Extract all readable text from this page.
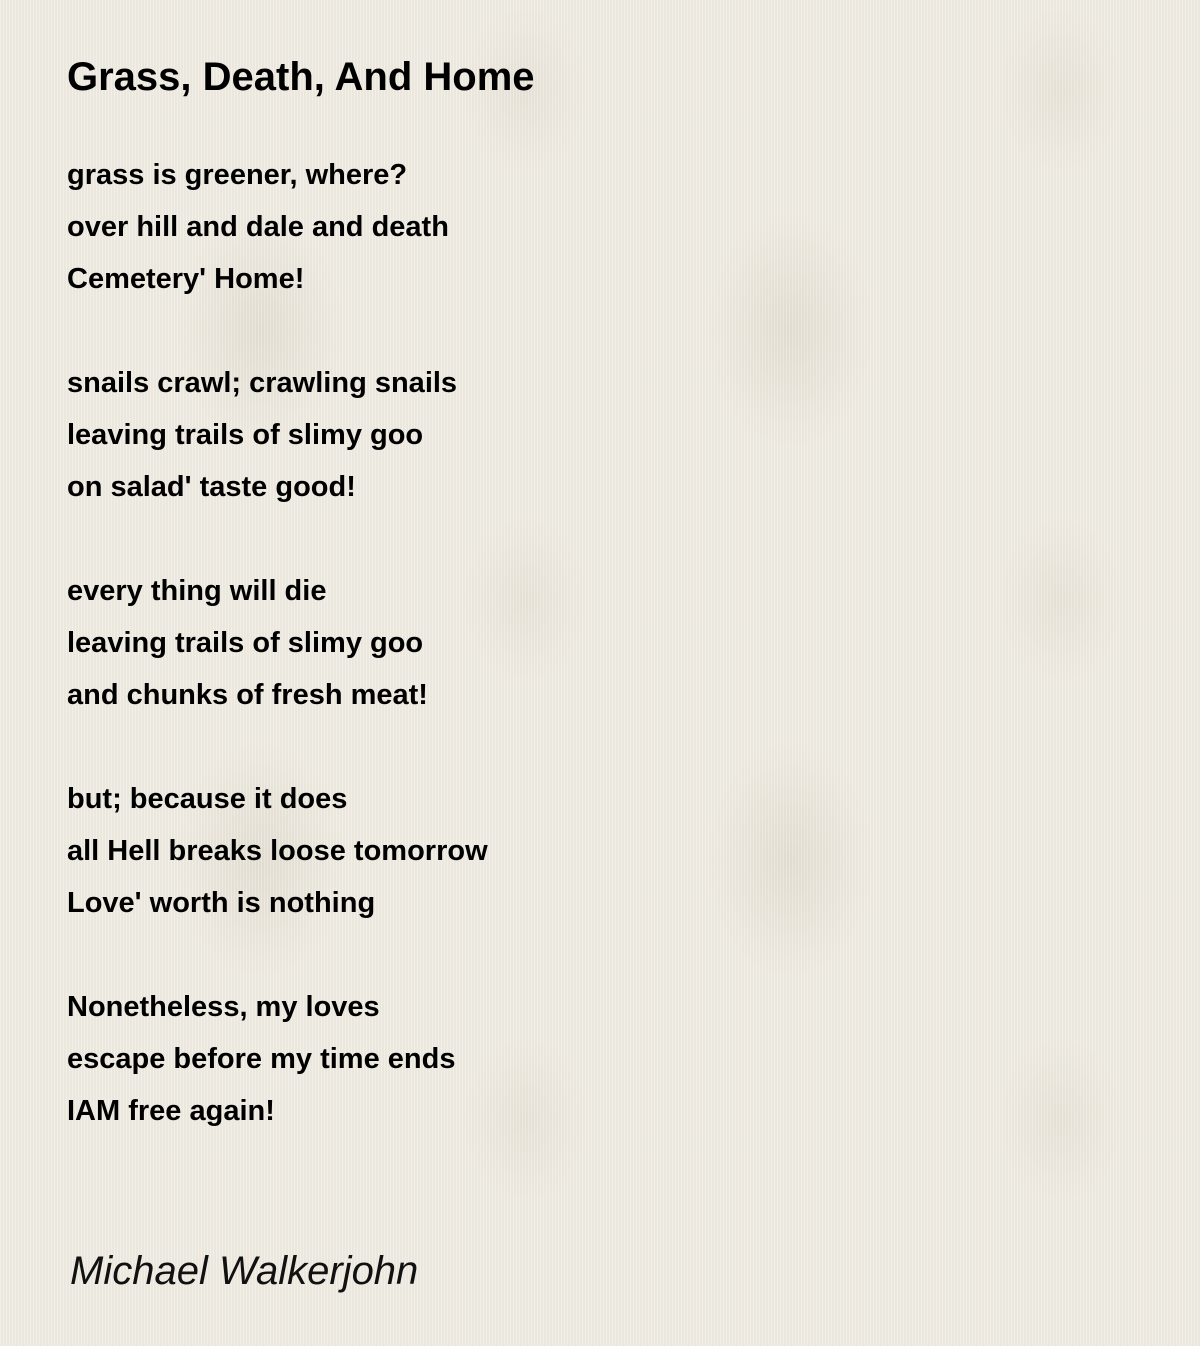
Grass, Death, And Home
grass is greener, where?
over hill and dale and death
Cemetery' Home!
snails crawl; crawling snails
leaving trails of slimy goo
on salad' taste good!
every thing will die
leaving trails of slimy goo
and chunks of fresh meat!
but; because it does
all Hell breaks loose tomorrow
Love' worth is nothing
Nonetheless, my loves
escape before my time ends
IAM free again!

Michael Walkerjohn
